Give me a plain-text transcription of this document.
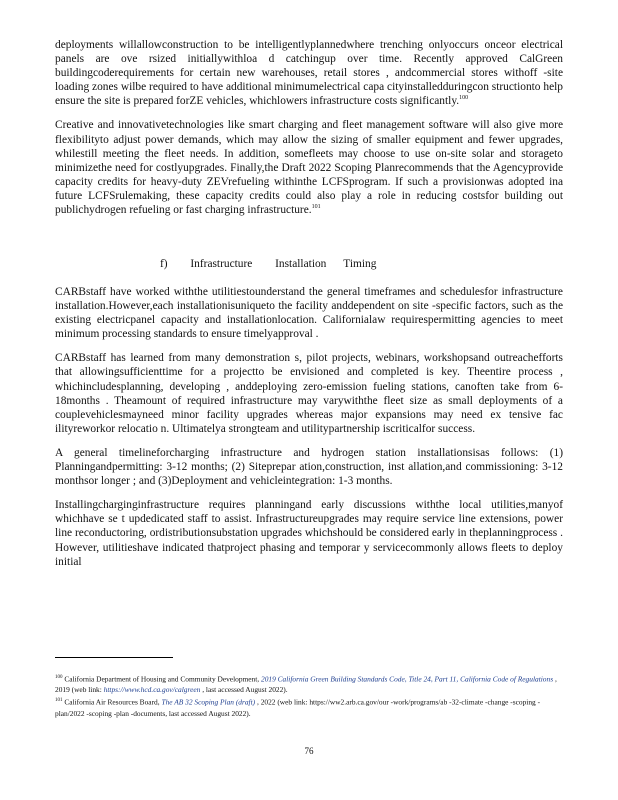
deployments willallowconstruction to be intelligentlyplannedwhere trenching onlyoccurs onceor electrical panels are ove rsized initiallywithloa d catchingup over time. Recently approved CalGreen buildingcoderequirements for certain new warehouses, retail stores , andcommercial stores withoff -site loading zones wilbe required to have additional minimumelectrical capa cityinstalledduringcon structionto help ensure the site is prepared forZE vehicles, whichlowers infrastructure costs significantly.$^{100}$

Creative and innovativetechnologies like smart charging and fleet management software will also give more flexibilityto adjust power demands, which may allow the sizing of smaller equipment and fewer upgrades, whilestill meeting the fleet needs. In addition, somefleets may choose to use on-site solar and storageto minimizethe need for costlyupgrades. Finally,the Draft 2022 Scoping Planrecommends that the Agencyprovide capacity credits for heavy-duty ZEVrefueling withinthe LCFSprogram. If such a provisionwas adopted ina future LCFSrulemaking, these capacity credits could also play a role in reducing costsfor building out publichydrogen refueling or fast charging infrastructure.$^{101}$

f)        Infrastructure        Installation      Timing

CARBstaff have worked withthe utilitiestounderstand the general timeframes and schedulesfor infrastructure installation.However,each installationisuniqueto the facility anddependent on site -specific factors, such as the existing electricpanel capacity and installationlocation. Californialaw requirespermitting agencies to meet minimum processing standards to ensure timelyapproval .

CARBstaff has learned from many demonstration s, pilot projects, webinars, workshopsand outreachefforts that allowingsufficienttime for a projectto be envisioned and completed is key. Theentire process , whichincludesplanning, developing , anddeploying zero-emission fueling stations, canoften take from 6-18months . Theamount of required infrastructure may varywiththe fleet size as small deployments of a couplevehiclesmayneed minor facility upgrades whereas major expansions may need ex tensive fac ilityreworkor relocatio n. Ultimatelya strongteam and utilitypartnership iscriticalfor success.

A general timelineforcharging infrastructure and hydrogen station installationsisas follows: (1) Planningandpermitting: 3-12 months; (2) Siteprepar ation,construction, inst allation,and commissioning: 3-12 monthsor longer ; and (3)Deployment and vehicleintegration: 1-3 months.

Installingcharginginfrastructure requires planningand early discussions withthe local utilities,manyof whichhave se t updedicated staff to assist. Infrastructureupgrades may require service line extensions, power line reconductoring, ordistributionsubstation upgrades whichshould be considered early in theplanningprocess . However, utilitieshave indicated thatproject phasing and temporar y servicecommonly allows fleets to deploy initial

$^{100}$ California Department of Housing and Community Development, 2019 California Green Building Standards Code, Title 24, Part 11, California Code of Regulations , 2019 (web link: https://www.hcd.ca.gov/calgreen , last accessed August 2022).
$^{101}$ California Air Resources Board, The AB 32 Scoping Plan (draft) , 2022 (web link: https://ww2.arb.ca.gov/our -work/programs/ab -32-climate -change -scoping -plan/2022 -scoping -plan -documents, last accessed August 2022).
76
